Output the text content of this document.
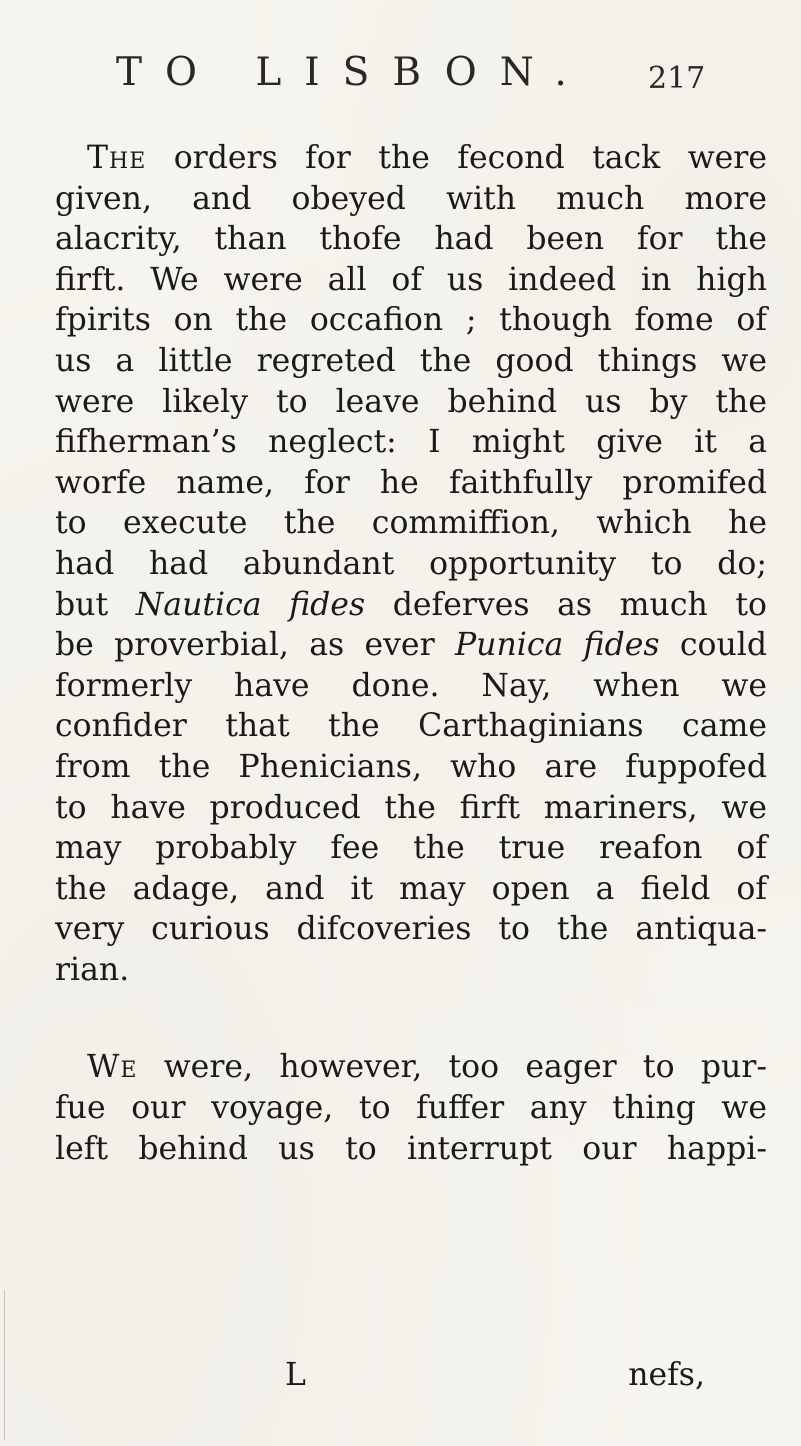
TO LISBON. 217
The orders for the fecond tack were
given, and obeyed with much more
alacrity, than thofe had been for the
firft. We were all of us indeed in high
fpirits on the occafion ; though fome of
us a little regreted the good things we
were likely to leave behind us by the
fifherman’s neglect: I might give it a
worfe name, for he faithfully promifed
to execute the commiffion, which he
had had abundant opportunity to do;
but Nautica fides deferves as much to
be proverbial, as ever Punica fides could
formerly have done. Nay, when we
confider that the Carthaginians came
from the Phenicians, who are fuppofed
to have produced the firft mariners, we
may probably fee the true reafon of
the adage, and it may open a field of
very curious difcoveries to the antiqua-
rian.
We were, however, too eager to pur-
fue our voyage, to fuffer any thing we
left behind us to interrupt our happi-
L	nefs,
